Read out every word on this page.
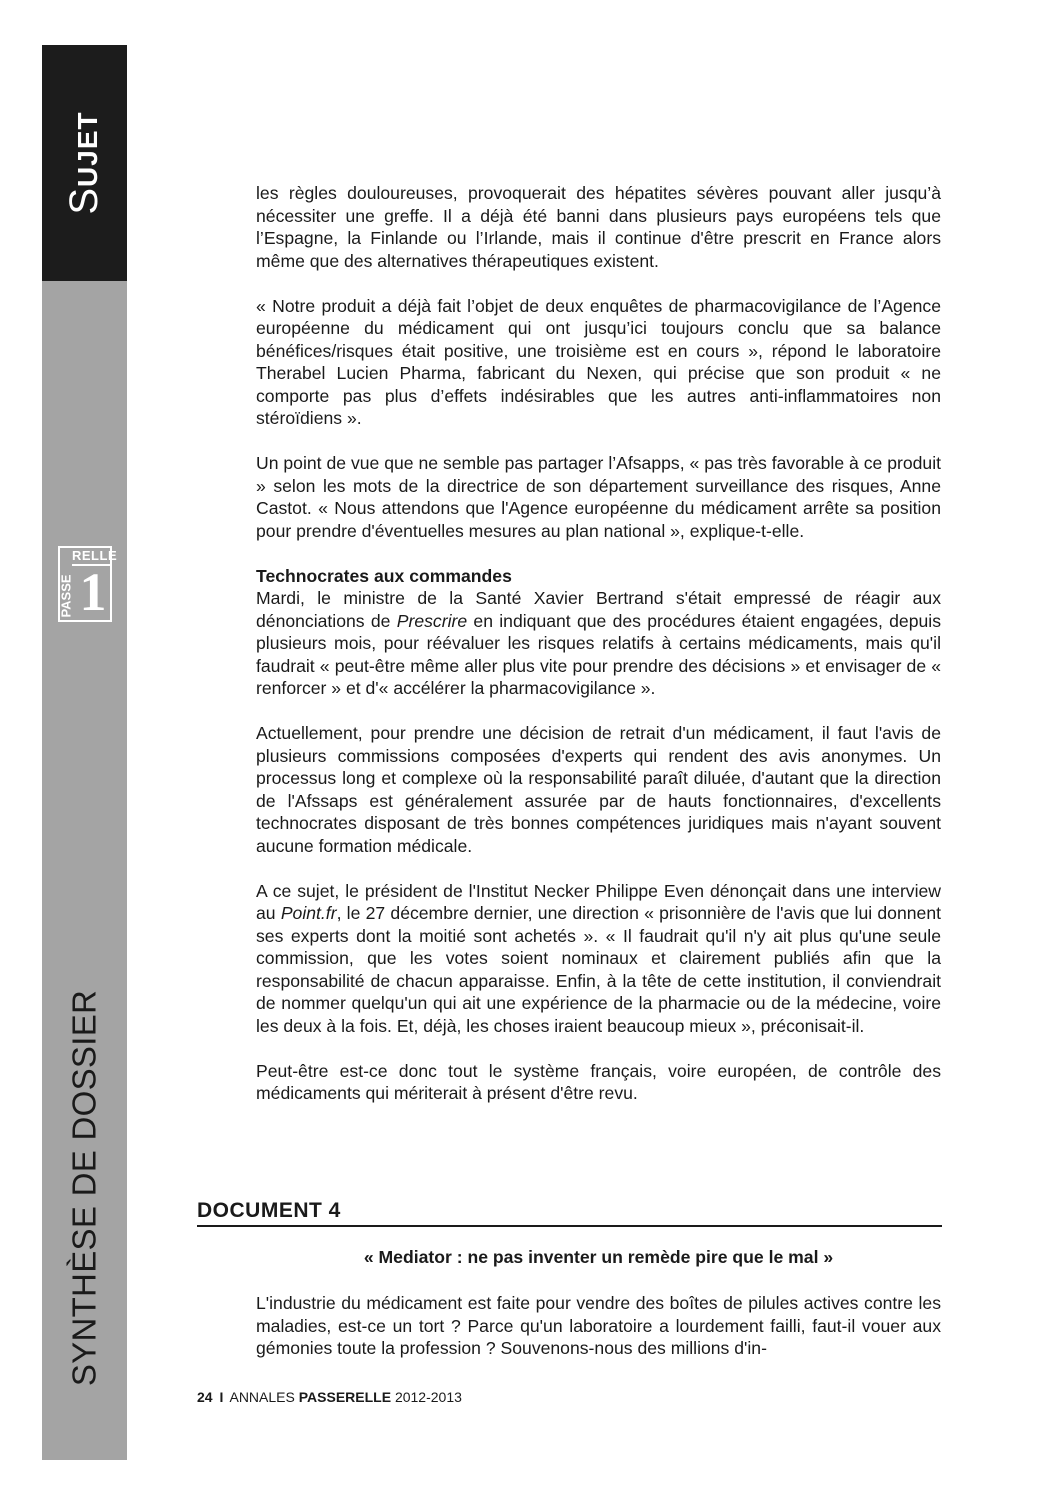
SUJET
SYNTHÈSE DE DOSSIER
RELLE
PASSE 1

les règles douloureuses, provoquerait des hépatites sévères pouvant aller jusqu’à nécessiter une greffe. Il a déjà été banni dans plusieurs pays européens tels que l’Espagne, la Finlande ou l’Irlande, mais il continue d'être prescrit en France alors même que des alternatives thérapeutiques existent.

« Notre produit a déjà fait l’objet de deux enquêtes de pharmacovigilance de l’Agence européenne du médicament qui ont jusqu’ici toujours conclu que sa balance bénéfices/risques était positive, une troisième est en cours », répond le laboratoire Therabel Lucien Pharma, fabricant du Nexen, qui précise que son produit « ne comporte pas plus d’effets indésirables que les autres anti-inflammatoires non stéroïdiens ».

Un point de vue que ne semble pas partager l’Afsapps, « pas très favorable à ce produit » selon les mots de la directrice de son département surveillance des risques, Anne Castot. « Nous attendons que l'Agence européenne du médicament arrête sa position pour prendre d'éventuelles mesures au plan national », explique-t-elle.

Technocrates aux commandes

Mardi, le ministre de la Santé Xavier Bertrand s'était empressé de réagir aux dénonciations de Prescrire en indiquant que des procédures étaient engagées, depuis plusieurs mois, pour réévaluer les risques relatifs à certains médicaments, mais qu'il faudrait « peut-être même aller plus vite pour prendre des décisions » et envisager de « renforcer » et d'« accélérer la pharmacovigilance ».

Actuellement, pour prendre une décision de retrait d'un médicament, il faut l'avis de plusieurs commissions composées d'experts qui rendent des avis anonymes. Un processus long et complexe où la responsabilité paraît diluée, d'autant que la direction de l'Afssaps est généralement assurée par de hauts fonctionnaires, d'excellents technocrates disposant de très bonnes compétences juridiques mais n'ayant souvent aucune formation médicale.

A ce sujet, le président de l'Institut Necker Philippe Even dénonçait dans une interview au Point.fr, le 27 décembre dernier, une direction « prisonnière de l'avis que lui donnent ses experts dont la moitié sont achetés ». « Il faudrait qu'il n'y ait plus qu'une seule commission, que les votes soient nominaux et clairement publiés afin que la responsabilité de chacun apparaisse. Enfin, à la tête de cette institution, il conviendrait de nommer quelqu'un qui ait une expérience de la pharmacie ou de la médecine, voire les deux à la fois. Et, déjà, les choses iraient beaucoup mieux », préconisait-il.

Peut-être est-ce donc tout le système français, voire européen, de contrôle des médicaments qui mériterait à présent d'être revu.

DOCUMENT 4
« Mediator : ne pas inventer un remède pire que le mal »

L'industrie du médicament est faite pour vendre des boîtes de pilules actives contre les maladies, est-ce un tort ? Parce qu'un laboratoire a lourdement failli, faut-il vouer aux gémonies toute la profession ? Souvenons-nous des millions d'in-

24 I ANNALES PASSERELLE 2012-2013
